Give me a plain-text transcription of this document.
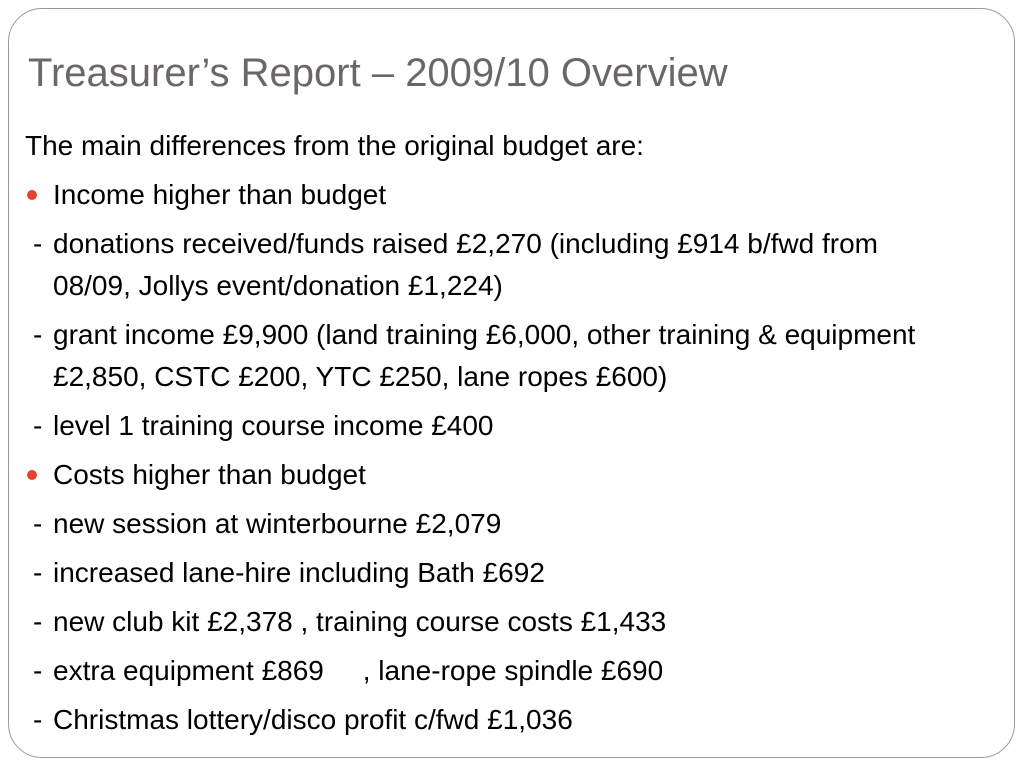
Treasurer’s Report – 2009/10 Overview
The main differences from the original budget are:
Income higher than budget
- donations received/funds raised £2,270 (including £914 b/fwd from 08/09, Jollys event/donation £1,224)
- grant income £9,900 (land training £6,000, other training & equipment £2,850, CSTC £200, YTC £250, lane ropes £600)
- level 1 training course income £400
Costs higher than budget
- new session at winterbourne £2,079
- increased lane-hire including Bath £692
- new club kit £2,378 , training course costs £1,433
- extra equipment £869     , lane-rope spindle £690
- Christmas lottery/disco profit c/fwd £1,036
